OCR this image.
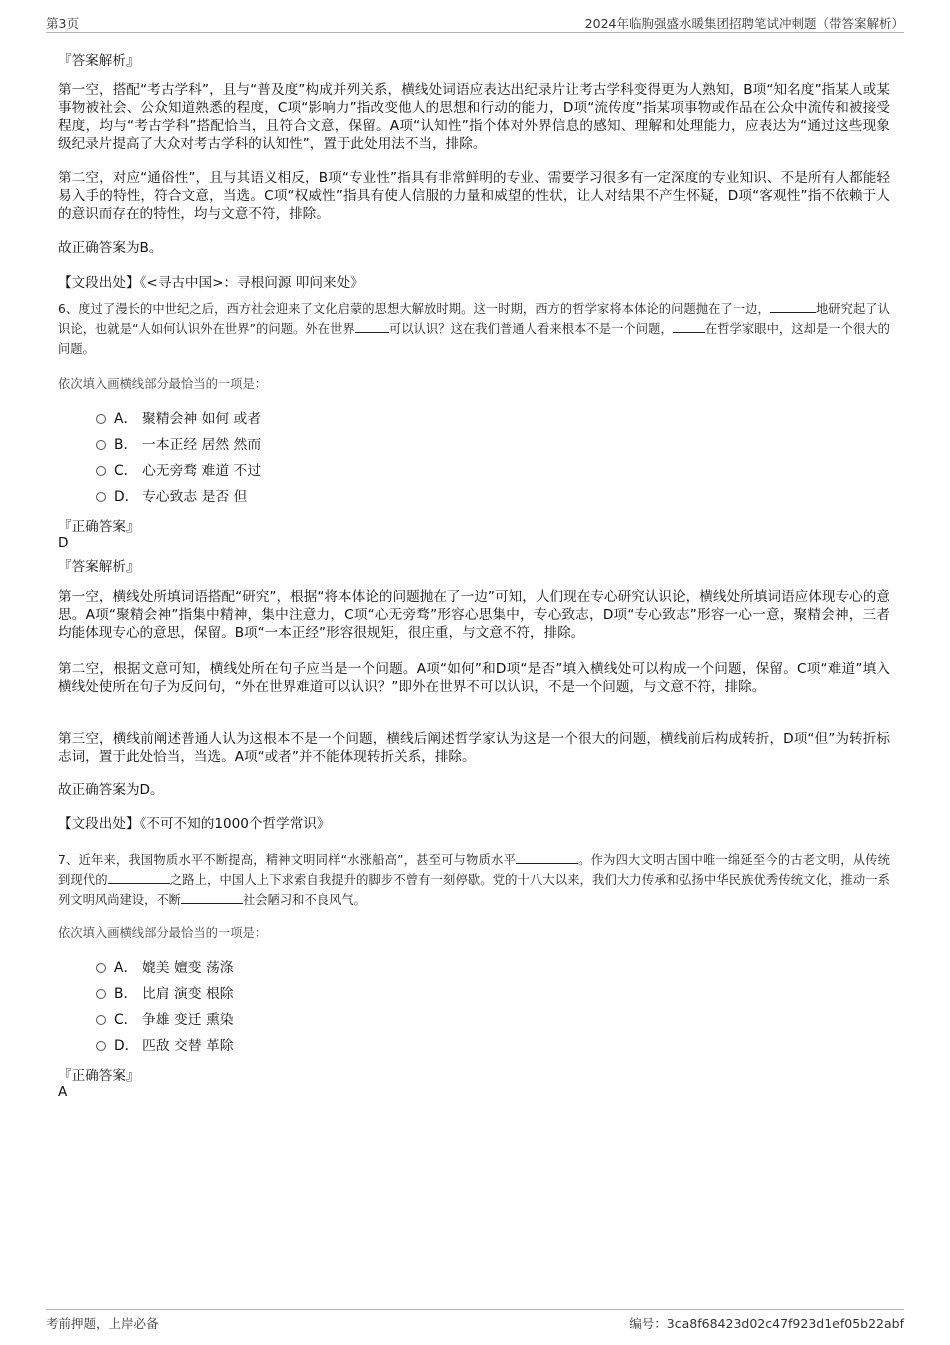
第3页	2024年临朐强盛水暖集团招聘笔试冲刺题（带答案解析）
『答案解析』

第一空，搭配“考古学科”，且与“普及度”构成并列关系，横线处词语应表达出纪录片让考古学科变得更为人熟知，B项“知名度”指某人或某事物被社会、公众知道熟悉的程度，C项“影响力”指改变他人的思想和行动的能力，D项“流传度”指某项事物或作品在公众中流传和被接受程度，均与“考古学科”搭配恰当，且符合文意，保留。A项“认知性”指个体对外界信息的感知、理解和处理能力，应表达为“通过这些现象级纪录片提高了大众对考古学科的认知性”，置于此处用法不当，排除。

第二空，对应“通俗性”，且与其语义相反，B项“专业性”指具有非常鲜明的专业、需要学习很多有一定深度的专业知识、不是所有人都能轻易入手的特性，符合文意，当选。C项“权威性”指具有使人信服的力量和威望的性状，让人对结果不产生怀疑，D项“客观性”指不依赖于人的意识而存在的特性，均与文意不符，排除。

故正确答案为B。
【文段出处】《<寻古中国>：寻根问源 叩问来处》

6、度过了漫长的中世纪之后，西方社会迎来了文化启蒙的思想大解放时期。这一时期，西方的哲学家将本体论的问题抛在了一边，	地研究起了认识论，也就是“人如何认识外在世界”的问题。外在世界	可以认识？这在我们普通人看来根本不是一个问题，	在哲学家眼中，这却是一个很大的问题。

依次填入画横线部分最恰当的一项是：
A． 聚精会神 如何 或者
B． 一本正经 居然 然而
C． 心无旁骛 难道 不过
D． 专心致志 是否 但
『正确答案』
D
『答案解析』

第一空，横线处所填词语搭配“研究”，根据“将本体论的问题抛在了一边”可知，人们现在专心研究认识论，横线处所填词语应体现专心的意思。A项“聚精会神”指集中精神，集中注意力，C项“心无旁骛”形容心思集中，专心致志，D项“专心致志”形容一心一意，聚精会神，三者均能体现专心的意思，保留。B项“一本正经”形容很规矩，很庄重，与文意不符，排除。

第二空，根据文意可知，横线处所在句子应当是一个问题。A项“如何”和D项“是否”填入横线处可以构成一个问题，保留。C项“难道”填入横线处使所在句子为反问句，“外在世界难道可以认识？”即外在世界不可以认识，不是一个问题，与文意不符，排除。

第三空，横线前阐述普通人认为这根本不是一个问题，横线后阐述哲学家认为这是一个很大的问题，横线前后构成转折，D项“但”为转折标志词，置于此处恰当，当选。A项“或者”并不能体现转折关系，排除。

故正确答案为D。
【文段出处】《不可不知的1000个哲学常识》

7、近年来，我国物质水平不断提高，精神文明同样“水涨船高”，甚至可与物质水平	。作为四大文明古国中唯一绵延至今的古老文明，从传统到现代的	之路上，中国人上下求索自我提升的脚步不曾有一刻停歇。党的十八大以来，我们大力传承和弘扬中华民族优秀传统文化，推动一系列文明风尚建设，不断	社会陋习和不良风气。

依次填入画横线部分最恰当的一项是：
A． 媲美 嬗变 荡涤
B． 比肩 演变 根除
C． 争雄 变迁 熏染
D． 匹敌 交替 革除
『正确答案』
A
考前押题，上岸必备	编号：3ca8f68423d02c47f923d1ef05b22abf
